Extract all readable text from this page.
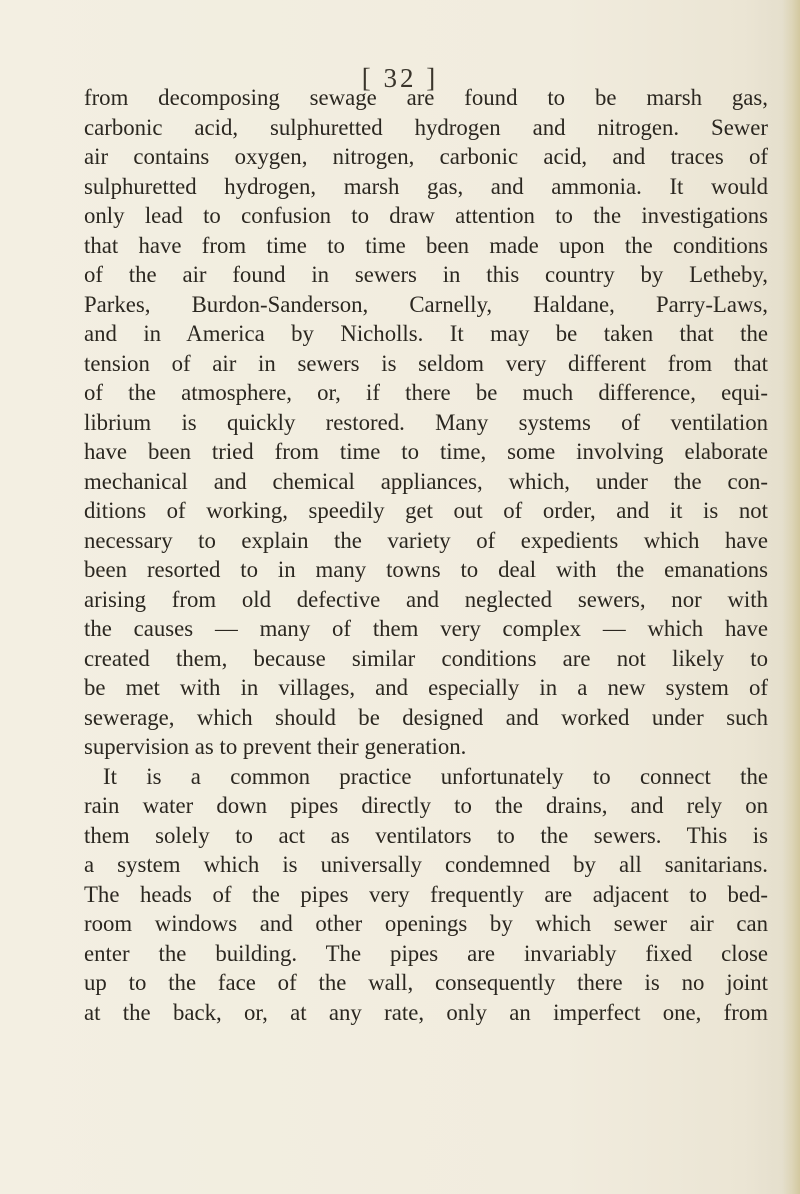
[ 32 ]
from decomposing sewage are found to be marsh gas,
carbonic acid, sulphuretted hydrogen and nitrogen. Sewer
air contains oxygen, nitrogen, carbonic acid, and traces of
sulphuretted hydrogen, marsh gas, and ammonia. It would
only lead to confusion to draw attention to the investigations
that have from time to time been made upon the conditions
of the air found in sewers in this country by Letheby,
Parkes, Burdon-Sanderson, Carnelly, Haldane, Parry-Laws,
and in America by Nicholls. It may be taken that the
tension of air in sewers is seldom very different from that
of the atmosphere, or, if there be much difference, equi-
librium is quickly restored. Many systems of ventilation
have been tried from time to time, some involving elaborate
mechanical and chemical appliances, which, under the con-
ditions of working, speedily get out of order, and it is not
necessary to explain the variety of expedients which have
been resorted to in many towns to deal with the emanations
arising from old defective and neglected sewers, nor with
the causes — many of them very complex — which have
created them, because similar conditions are not likely to
be met with in villages, and especially in a new system of
sewerage, which should be designed and worked under such
supervision as to prevent their generation.
It is a common practice unfortunately to connect the
rain water down pipes directly to the drains, and rely on
them solely to act as ventilators to the sewers. This is
a system which is universally condemned by all sanitarians.
The heads of the pipes very frequently are adjacent to bed-
room windows and other openings by which sewer air can
enter the building. The pipes are invariably fixed close
up to the face of the wall, consequently there is no joint
at the back, or, at any rate, only an imperfect one, from
